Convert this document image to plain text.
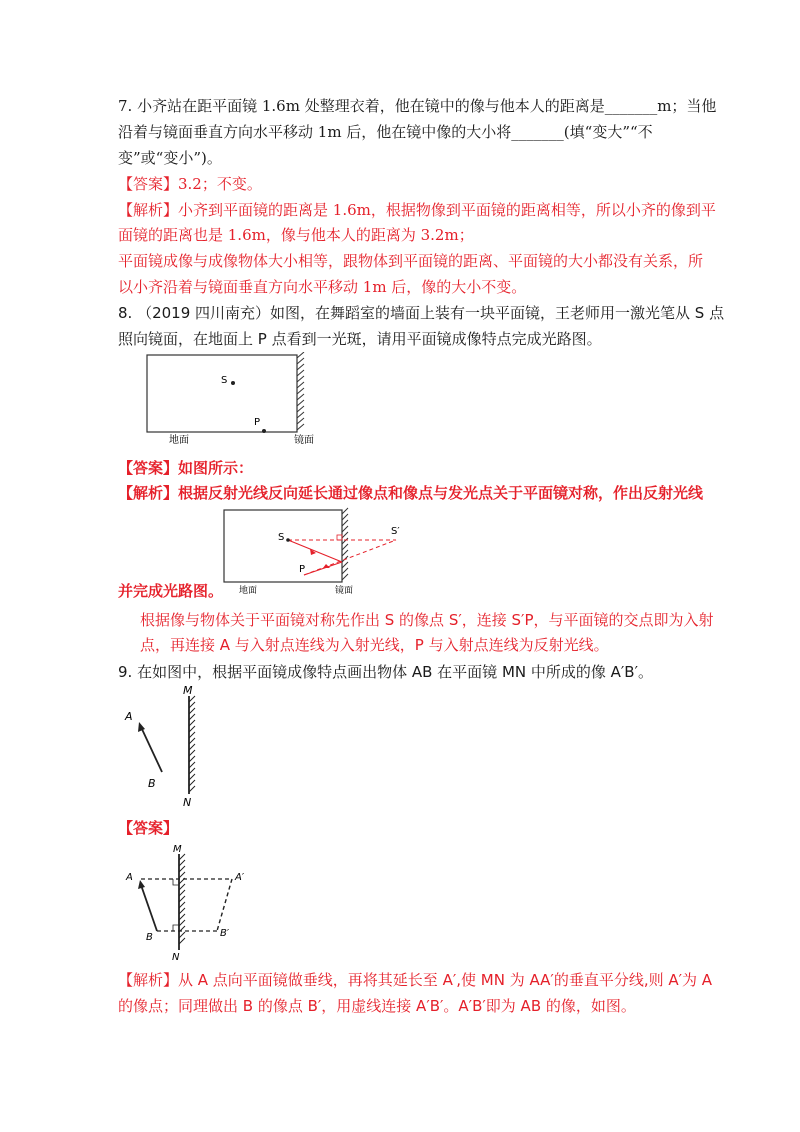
7. 小齐站在距平面镜 1.6m 处整理衣着，他在镜中的像与他本人的距离是_______m；当他
沿着与镜面垂直方向水平移动 1m 后，他在镜中像的大小将_______(填“变大”“不
变”或“变小”)。
【答案】3.2；不变。
【解析】小齐到平面镜的距离是 1.6m，根据物像到平面镜的距离相等，所以小齐的像到平
面镜的距离也是 1.6m，像与他本人的距离为 3.2m；
平面镜成像与成像物体大小相等，跟物体到平面镜的距离、平面镜的大小都没有关系，所
以小齐沿着与镜面垂直方向水平移动 1m 后，像的大小不变。
8. （2019 四川南充）如图，在舞蹈室的墙面上装有一块平面镜，王老师用一激光笔从 S 点
照向镜面，在地面上 P 点看到一光斑，请用平面镜成像特点完成光路图。
S
P
地面	镜面
【答案】如图所示：
【解析】根据反射光线反向延长通过像点和像点与发光点关于平面镜对称，作出反射光线
S
S′
P
地面	镜面
并完成光路图。
根据像与物体关于平面镜对称先作出 S 的像点 S′，连接 S′P，与平面镜的交点即为入射
点，再连接 A 与入射点连线为入射光线，P 与入射点连线为反射光线。
9. 在如图中，根据平面镜成像特点画出物体 AB 在平面镜 MN 中所成的像 A′B′。
M
N
A
B
【答案】
M
N
A
B
A′
B′
【解析】从 A 点向平面镜做垂线，再将其延长至 A′,使 MN 为 AA′的垂直平分线,则 A′为 A
的像点；同理做出 B 的像点 B′，用虚线连接 A′B′。A′B′即为 AB 的像，如图。
